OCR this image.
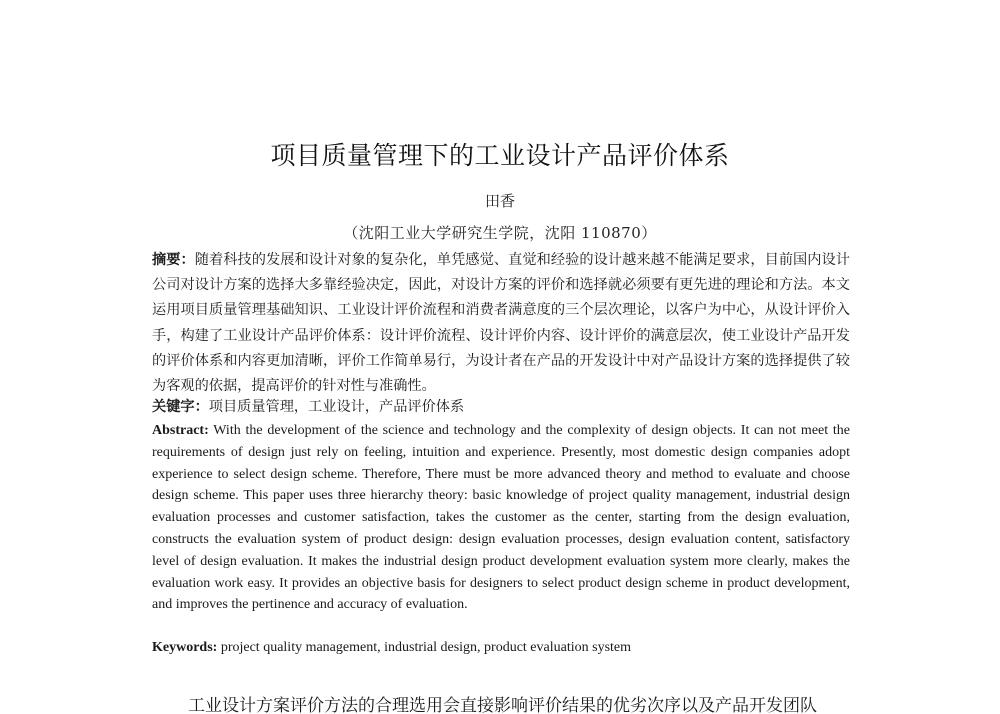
项目质量管理下的工业设计产品评价体系
田香
（沈阳工业大学研究生学院，沈阳 110870）
摘要：随着科技的发展和设计对象的复杂化，单凭感觉、直觉和经验的设计越来越不能满足要求，目前国内设计公司对设计方案的选择大多靠经验决定，因此，对设计方案的评价和选择就必须要有更先进的理论和方法。本文运用项目质量管理基础知识、工业设计评价流程和消费者满意度的三个层次理论，以客户为中心，从设计评价入手，构建了工业设计产品评价体系：设计评价流程、设计评价内容、设计评价的满意层次，使工业设计产品开发的评价体系和内容更加清晰，评价工作简单易行，为设计者在产品的开发设计中对产品设计方案的选择提供了较为客观的依据，提高评价的针对性与准确性。
关键字：项目质量管理，工业设计，产品评价体系
Abstract: With the development of the science and technology and the complexity of design objects. It can not meet the requirements of design just rely on feeling, intuition and experience. Presently, most domestic design companies adopt experience to select design scheme. Therefore, There must be more advanced theory and method to evaluate and choose design scheme. This paper uses three hierarchy theory: basic knowledge of project quality management, industrial design evaluation processes and customer satisfaction, takes the customer as the center, starting from the design evaluation, constructs the evaluation system of product design: design evaluation processes, design evaluation content, satisfactory level of design evaluation. It makes the industrial design product development evaluation system more clearly, makes the evaluation work easy. It provides an objective basis for designers to select product design scheme in product development, and improves the pertinence and accuracy of evaluation.
Keywords: project quality management, industrial design, product evaluation system
工业设计方案评价方法的合理选用会直接影响评价结果的优劣次序以及产品开发团队
